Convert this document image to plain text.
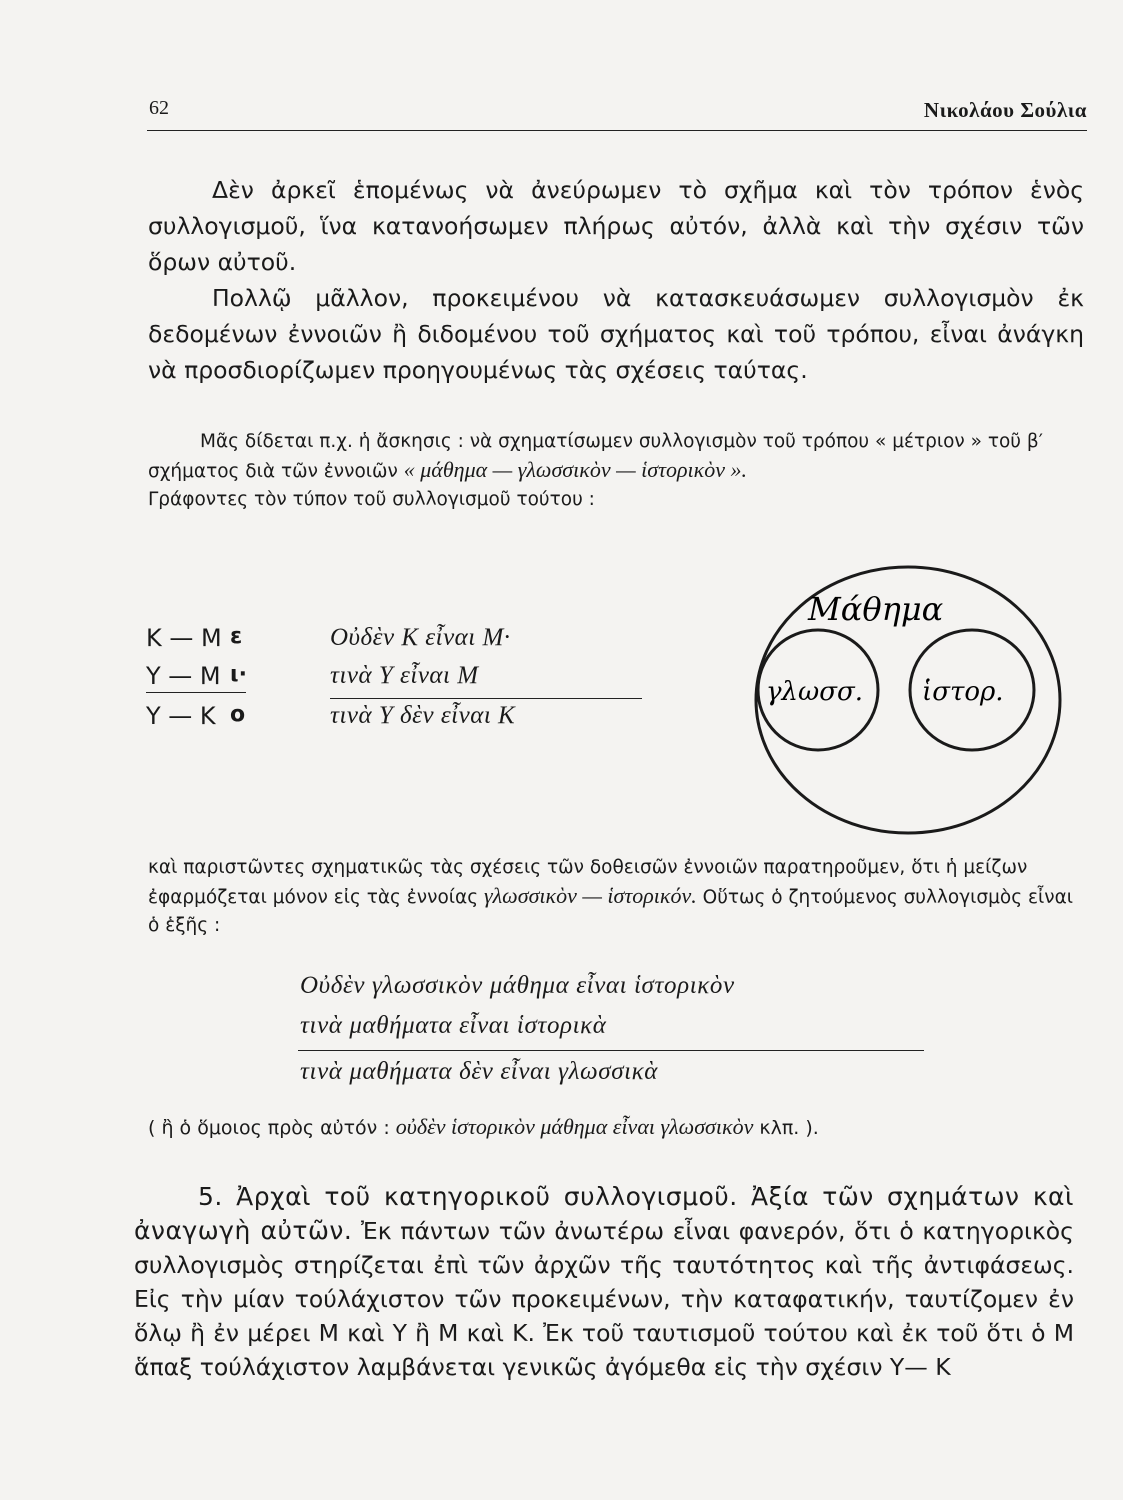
62	Νικολάου Σούλια
Δὲν ἀρκεῖ ἑπομένως νὰ ἀνεύρωμεν τὸ σχῆμα καὶ τὸν τρόπον ἑνὸς συλλογισμοῦ, ἵνα κατανοήσωμεν πλήρως αὐτόν, ἀλλὰ καὶ τὴν σχέσιν τῶν ὅρων αὐτοῦ.
Πολλῷ μᾶλλον, προκειμένου νὰ κατασκευάσωμεν συλλογισμὸν ἐκ δεδομένων ἐννοιῶν ἢ διδομένου τοῦ σχήματος καὶ τοῦ τρόπου, εἶναι ἀνάγκη νὰ προσδιορίζωμεν προηγουμένως τὰς σχέσεις ταύτας.
Μᾶς δίδεται π.χ. ἡ ἄσκησις : νὰ σχηματίσωμεν συλλογισμὸν τοῦ τρόπου « μέτριον » τοῦ β′ σχήματος διὰ τῶν ἐννοιῶν « μάθημα — γλωσσικὸν — ἱστορικὸν ».
Γράφοντες τὸν τύπον τοῦ συλλογισμοῦ τούτου :
Κ — Μ ε	Οὐδὲν Κ εἶναι Μ·
Υ — Μ ι·	τινὰ Υ εἶναι Μ
Υ — Κ ο	τινὰ Υ δὲν εἶναι Κ
Μάθημα
γλωσσ. ἱστορ.
καὶ παριστῶντες σχηματικῶς τὰς σχέσεις τῶν δοθεισῶν ἐννοιῶν παρατηροῦμεν, ὅτι ἡ μείζων ἐφαρμόζεται μόνον εἰς τὰς ἐννοίας γλωσσικὸν — ἱστορικόν. Οὕτως ὁ ζητούμενος συλλογισμὸς εἶναι ὁ ἑξῆς :
Οὐδὲν γλωσσικὸν μάθημα εἶναι ἱστορικὸν
τινὰ μαθήματα εἶναι ἱστορικὰ
τινὰ μαθήματα δὲν εἶναι γλωσσικὰ
( ἢ ὁ ὅμοιος πρὸς αὐτόν : οὐδὲν ἱστορικὸν μάθημα εἶναι γλωσσικὸν κλπ. ).
5. Ἀρχαὶ τοῦ κατηγορικοῦ συλλογισμοῦ. Ἀξία τῶν σχημάτων καὶ ἀναγωγὴ αὐτῶν. Ἐκ πάντων τῶν ἀνωτέρω εἶναι φανερόν, ὅτι ὁ κατηγορικὸς συλλογισμὸς στηρίζεται ἐπὶ τῶν ἀρχῶν τῆς ταυτότητος καὶ τῆς ἀντιφάσεως. Εἰς τὴν μίαν τούλάχιστον τῶν προκειμένων, τὴν καταφατικήν, ταυτίζομεν ἐν ὅλῳ ἢ ἐν μέρει Μ καὶ Υ ἢ Μ καὶ Κ. Ἐκ τοῦ ταυτισμοῦ τούτου καὶ ἐκ τοῦ ὅτι ὁ Μ ἅπαξ τούλάχιστον λαμβάνεται γενικῶς ἀγόμεθα εἰς τὴν σχέσιν Υ— Κ
